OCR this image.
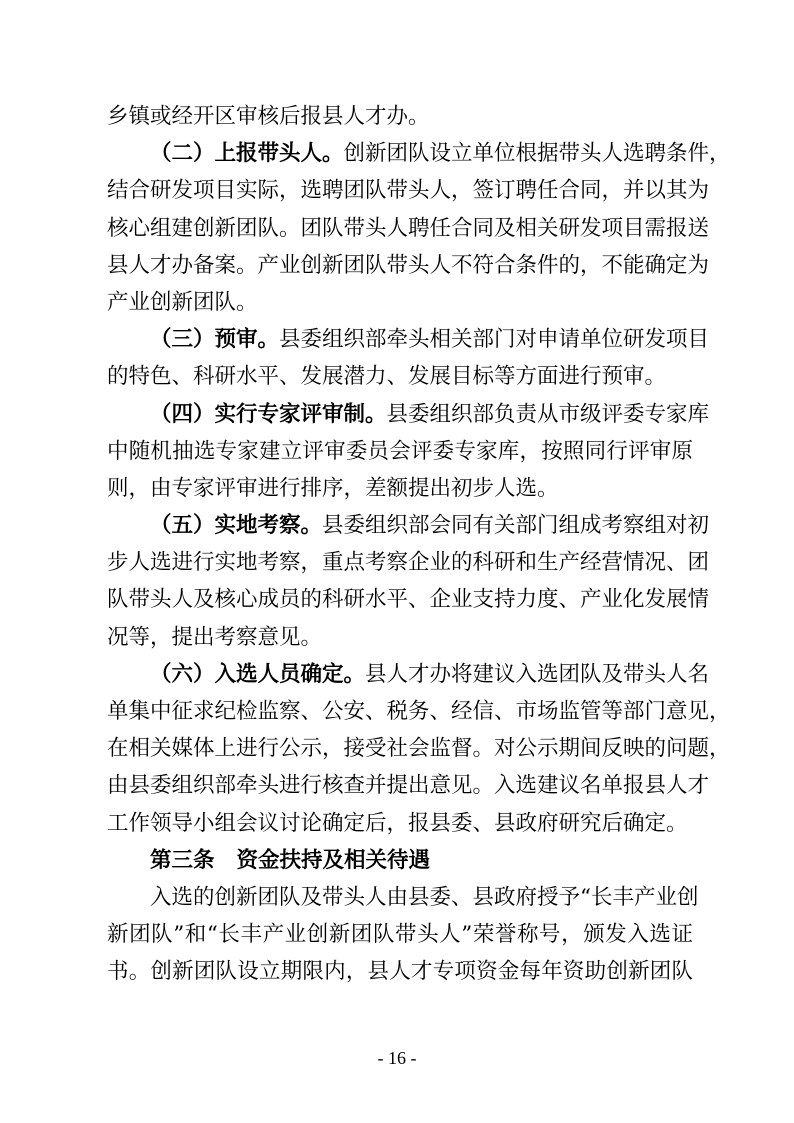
乡镇或经开区审核后报县人才办。
（二）上报带头人。创新团队设立单位根据带头人选聘条件，
结合研发项目实际，选聘团队带头人，签订聘任合同，并以其为
核心组建创新团队。团队带头人聘任合同及相关研发项目需报送
县人才办备案。产业创新团队带头人不符合条件的，不能确定为
产业创新团队。
（三）预审。县委组织部牵头相关部门对申请单位研发项目
的特色、科研水平、发展潜力、发展目标等方面进行预审。
（四）实行专家评审制。县委组织部负责从市级评委专家库
中随机抽选专家建立评审委员会评委专家库，按照同行评审原
则，由专家评审进行排序，差额提出初步人选。
（五）实地考察。县委组织部会同有关部门组成考察组对初
步人选进行实地考察，重点考察企业的科研和生产经营情况、团
队带头人及核心成员的科研水平、企业支持力度、产业化发展情
况等，提出考察意见。
（六）入选人员确定。县人才办将建议入选团队及带头人名
单集中征求纪检监察、公安、税务、经信、市场监管等部门意见，
在相关媒体上进行公示，接受社会监督。对公示期间反映的问题，
由县委组织部牵头进行核查并提出意见。入选建议名单报县人才
工作领导小组会议讨论确定后，报县委、县政府研究后确定。
第三条 资金扶持及相关待遇
入选的创新团队及带头人由县委、县政府授予“长丰产业创
新团队”和“长丰产业创新团队带头人”荣誉称号，颁发入选证
书。创新团队设立期限内，县人才专项资金每年资助创新团队
- 16 -
